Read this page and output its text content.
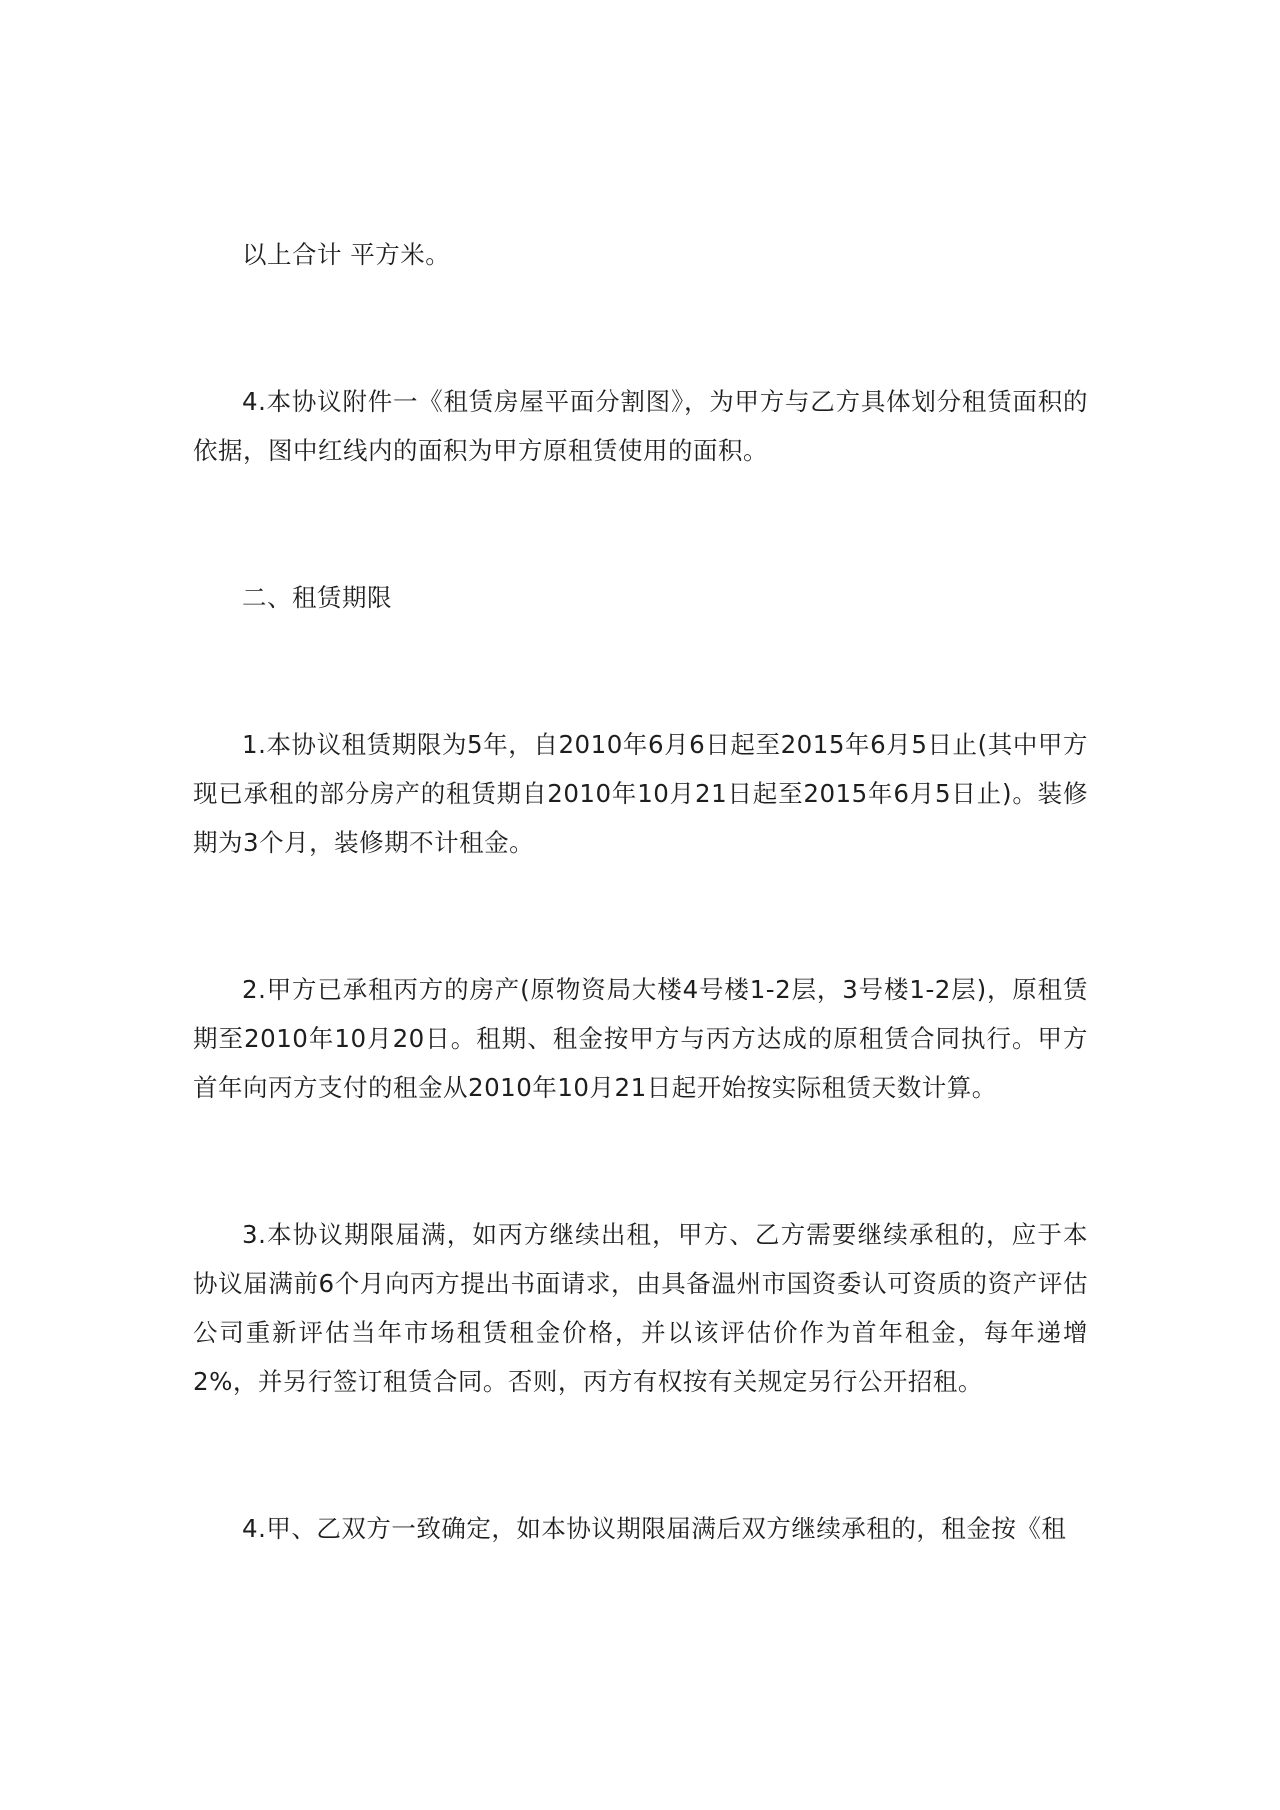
以上合计 平方米。

4.本协议附件一《租赁房屋平面分割图》，为甲方与乙方具体划分租赁面积的依据，图中红线内的面积为甲方原租赁使用的面积。

二、租赁期限

1.本协议租赁期限为5年，自2010年6月6日起至2015年6月5日止(其中甲方现已承租的部分房产的租赁期自2010年10月21日起至2015年6月5日止)。装修期为3个月，装修期不计租金。

2.甲方已承租丙方的房产(原物资局大楼4号楼1-2层，3号楼1-2层)，原租赁期至2010年10月20日。租期、租金按甲方与丙方达成的原租赁合同执行。甲方首年向丙方支付的租金从2010年10月21日起开始按实际租赁天数计算。

3.本协议期限届满，如丙方继续出租，甲方、乙方需要继续承租的，应于本协议届满前6个月向丙方提出书面请求，由具备温州市国资委认可资质的资产评估公司重新评估当年市场租赁租金价格，并以该评估价作为首年租金，每年递增2%，并另行签订租赁合同。否则，丙方有权按有关规定另行公开招租。

4.甲、乙双方一致确定，如本协议期限届满后双方继续承租的，租金按《租
